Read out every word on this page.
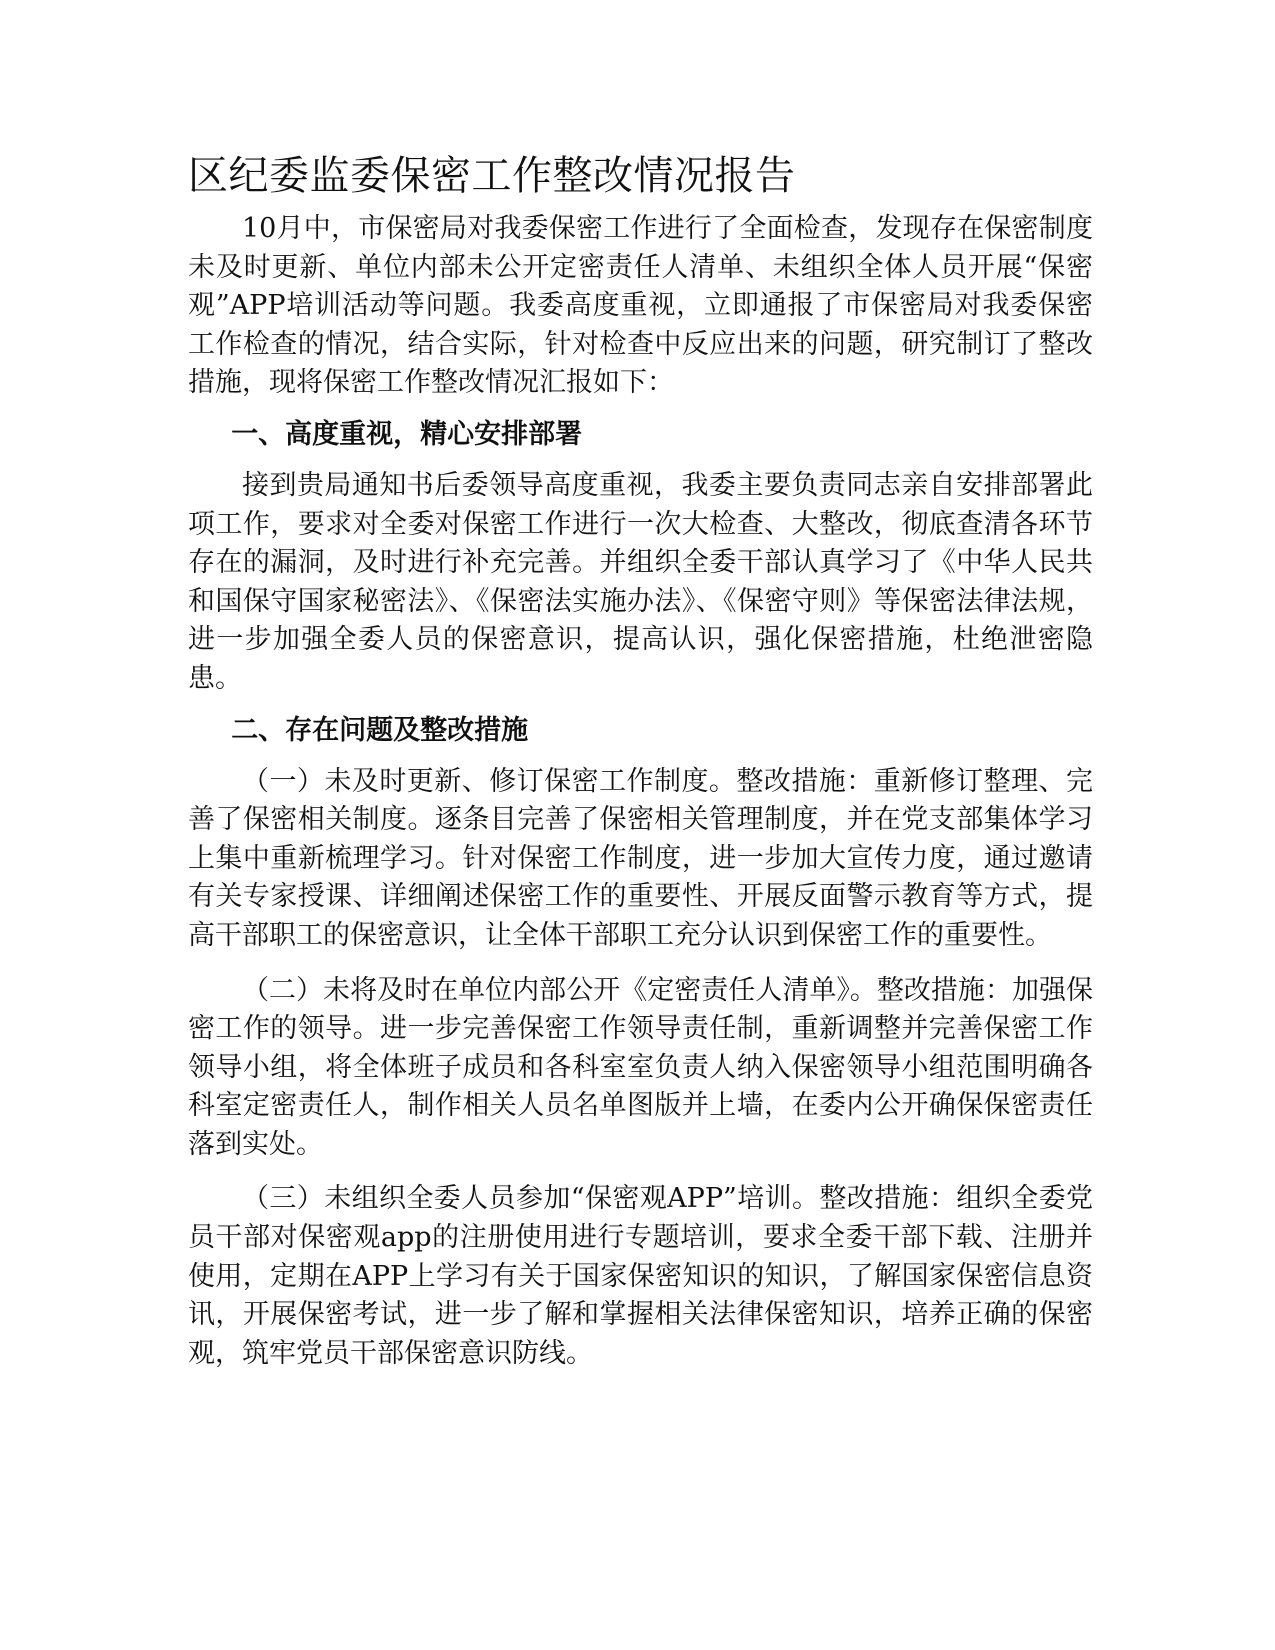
区纪委监委保密工作整改情况报告

10月中，市保密局对我委保密工作进行了全面检查，发现存在保密制度未及时更新、单位内部未公开定密责任人清单、未组织全体人员开展“保密观”APP培训活动等问题。我委高度重视，立即通报了市保密局对我委保密工作检查的情况，结合实际，针对检查中反应出来的问题，研究制订了整改措施，现将保密工作整改情况汇报如下：

一、高度重视，精心安排部署

接到贵局通知书后委领导高度重视，我委主要负责同志亲自安排部署此项工作，要求对全委对保密工作进行一次大检查、大整改，彻底查清各环节存在的漏洞，及时进行补充完善。并组织全委干部认真学习了《中华人民共和国保守国家秘密法》、《保密法实施办法》、《保密守则》等保密法律法规，进一步加强全委人员的保密意识，提高认识，强化保密措施，杜绝泄密隐患。

二、存在问题及整改措施

（一）未及时更新、修订保密工作制度。整改措施：重新修订整理、完善了保密相关制度。逐条目完善了保密相关管理制度，并在党支部集体学习上集中重新梳理学习。针对保密工作制度，进一步加大宣传力度，通过邀请有关专家授课、详细阐述保密工作的重要性、开展反面警示教育等方式，提高干部职工的保密意识，让全体干部职工充分认识到保密工作的重要性。

（二）未将及时在单位内部公开《定密责任人清单》。整改措施：加强保密工作的领导。进一步完善保密工作领导责任制，重新调整并完善保密工作领导小组，将全体班子成员和各科室室负责人纳入保密领导小组范围明确各科室定密责任人，制作相关人员名单图版并上墙，在委内公开确保保密责任落到实处。

（三）未组织全委人员参加“保密观APP”培训。整改措施：组织全委党员干部对保密观app的注册使用进行专题培训，要求全委干部下载、注册并使用，定期在APP上学习有关于国家保密知识的知识，了解国家保密信息资讯，开展保密考试，进一步了解和掌握相关法律保密知识，培养正确的保密观，筑牢党员干部保密意识防线。
